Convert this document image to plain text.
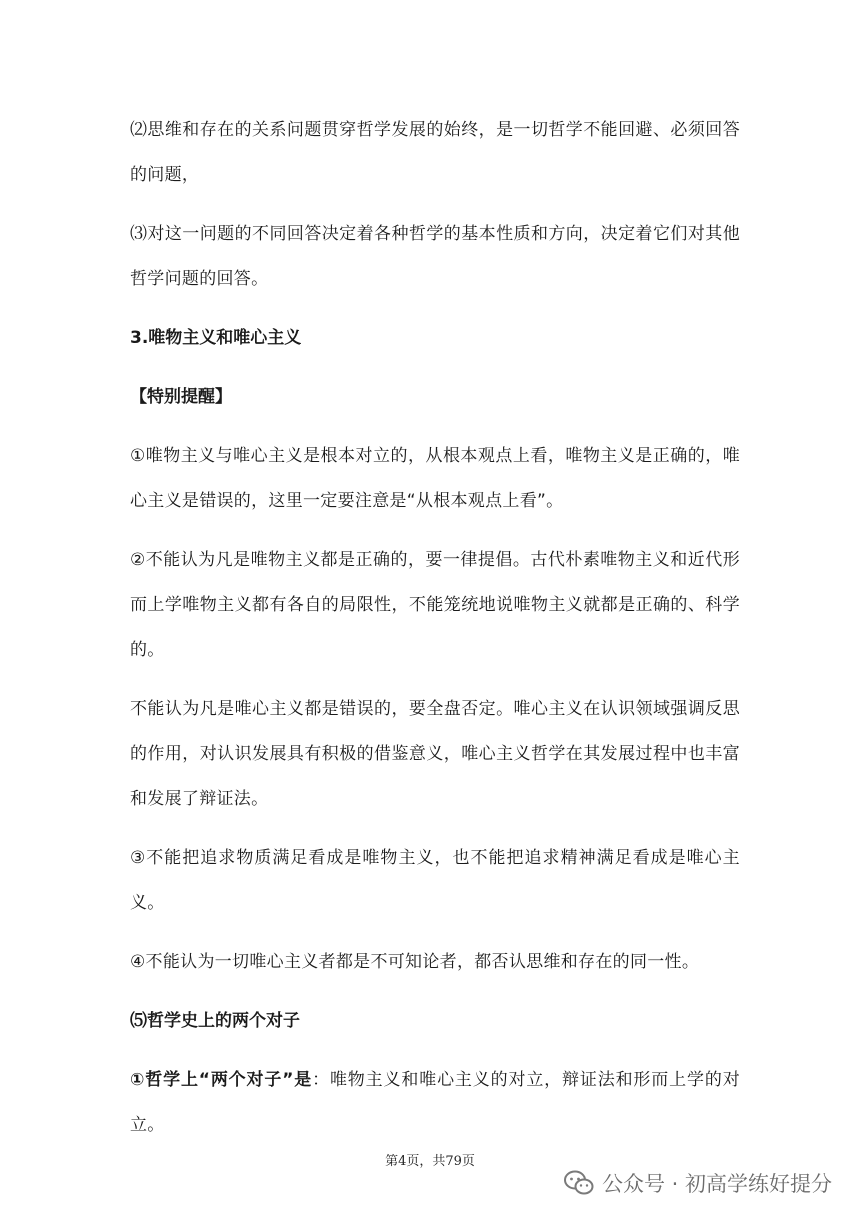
⑵思维和存在的关系问题贯穿哲学发展的始终，是一切哲学不能回避、必须回答的问题，

⑶对这一问题的不同回答决定着各种哲学的基本性质和方向，决定着它们对其他哲学问题的回答。

3.唯物主义和唯心主义

【特别提醒】

①唯物主义与唯心主义是根本对立的，从根本观点上看，唯物主义是正确的，唯心主义是错误的，这里一定要注意是“从根本观点上看”。

②不能认为凡是唯物主义都是正确的，要一律提倡。古代朴素唯物主义和近代形而上学唯物主义都有各自的局限性，不能笼统地说唯物主义就都是正确的、科学的。

不能认为凡是唯心主义都是错误的，要全盘否定。唯心主义在认识领域强调反思的作用，对认识发展具有积极的借鉴意义，唯心主义哲学在其发展过程中也丰富和发展了辩证法。

③不能把追求物质满足看成是唯物主义，也不能把追求精神满足看成是唯心主义。

④不能认为一切唯心主义者都是不可知论者，都否认思维和存在的同一性。

⑸哲学史上的两个对子

①哲学上“两个对子”是：唯物主义和唯心主义的对立，辩证法和形而上学的对立。

第4页，共79页
公众号 · 初高学练好提分
